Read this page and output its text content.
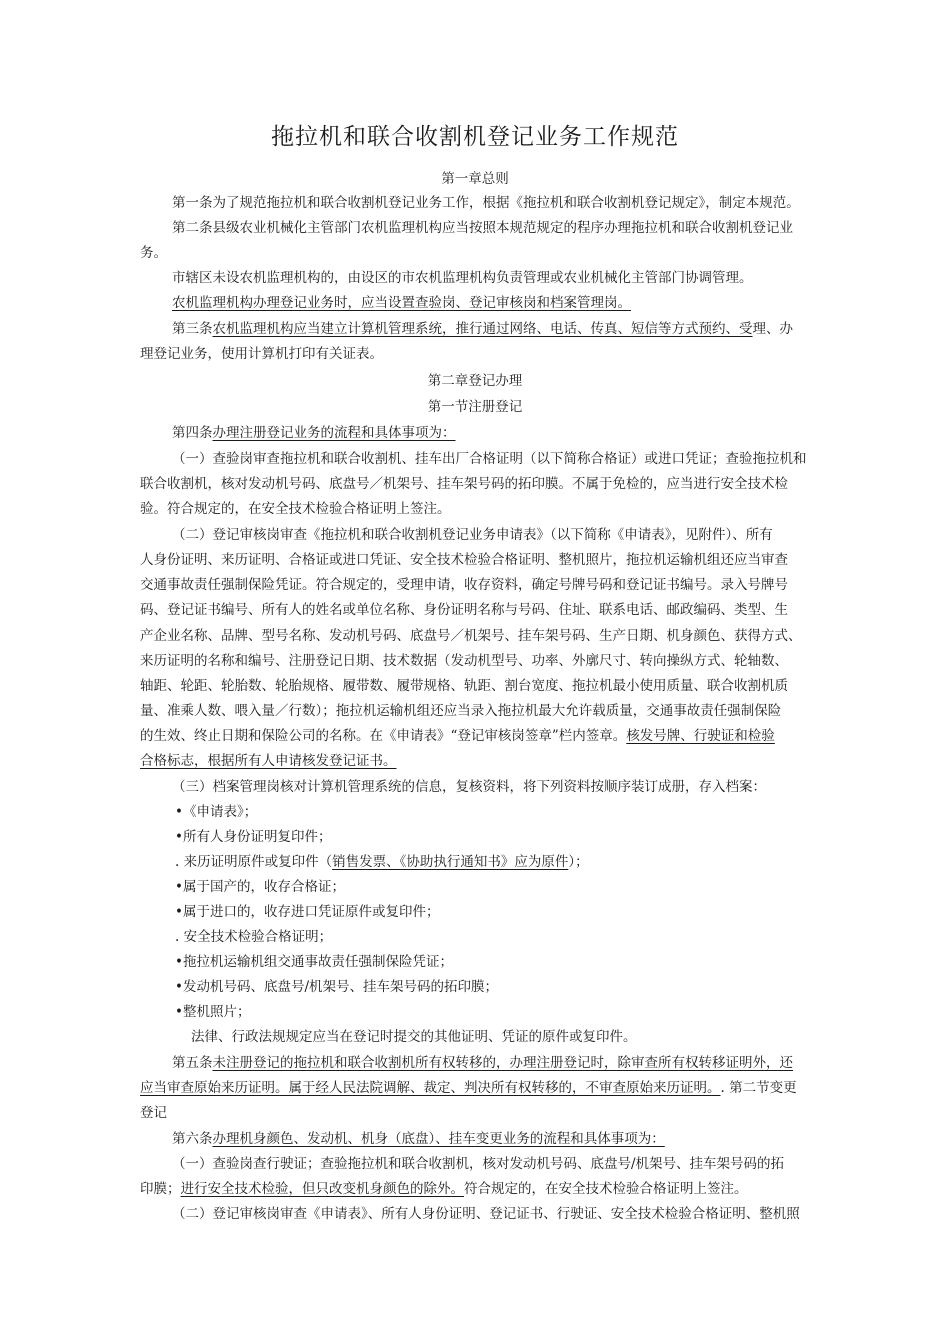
拖拉机和联合收割机登记业务工作规范
第一章总则
第一条为了规范拖拉机和联合收割机登记业务工作，根据《拖拉机和联合收割机登记规定》，制定本规范。
第二条县级农业机械化主管部门农机监理机构应当按照本规范规定的程序办理拖拉机和联合收割机登记业
务。
市辖区未设农机监理机构的，由设区的市农机监理机构负责管理或农业机械化主管部门协调管理。
农机监理机构办理登记业务时，应当设置查验岗、登记审核岗和档案管理岗。
第三条农机监理机构应当建立计算机管理系统，推行通过网络、电话、传真、短信等方式预约、受理、办
理登记业务，使用计算机打印有关证表。
第二章登记办理
第一节注册登记
第四条办理注册登记业务的流程和具体事项为：
（一）查验岗审查拖拉机和联合收割机、挂车出厂合格证明（以下简称合格证）或进口凭证；查验拖拉机和
联合收割机，核对发动机号码、底盘号／机架号、挂车架号码的拓印膜。不属于免检的，应当进行安全技术检
验。符合规定的，在安全技术检验合格证明上签注。
（二）登记审核岗审查《拖拉机和联合收割机登记业务申请表》（以下简称《申请表》，见附件）、所有
人身份证明、来历证明、合格证或进口凭证、安全技术检验合格证明、整机照片，拖拉机运输机组还应当审查
交通事故责任强制保险凭证。符合规定的，受理申请，收存资料，确定号牌号码和登记证书编号。录入号牌号
码、登记证书编号、所有人的姓名或单位名称、身份证明名称与号码、住址、联系电话、邮政编码、类型、生
产企业名称、品牌、型号名称、发动机号码、底盘号／机架号、挂车架号码、生产日期、机身颜色、获得方式、
来历证明的名称和编号、注册登记日期、技术数据（发动机型号、功率、外廓尺寸、转向操纵方式、轮轴数、
轴距、轮距、轮胎数、轮胎规格、履带数、履带规格、轨距、割台宽度、拖拉机最小使用质量、联合收割机质
量、准乘人数、喂入量／行数）；拖拉机运输机组还应当录入拖拉机最大允许载质量，交通事故责任强制保险
的生效、终止日期和保险公司的名称。在《申请表》“登记审核岗签章”栏内签章。核发号牌、行驶证和检验
合格标志，根据所有人申请核发登记证书。
（三）档案管理岗核对计算机管理系统的信息，复核资料，将下列资料按顺序装订成册，存入档案：
•《申请表》；
•所有人身份证明复印件；
. 来历证明原件或复印件（销售发票、《协助执行通知书》应为原件）；
•属于国产的，收存合格证；
•属于进口的，收存进口凭证原件或复印件；
. 安全技术检验合格证明；
•拖拉机运输机组交通事故责任强制保险凭证；
•发动机号码、底盘号/机架号、挂车架号码的拓印膜；
•整机照片；
法律、行政法规规定应当在登记时提交的其他证明、凭证的原件或复印件。
第五条未注册登记的拖拉机和联合收割机所有权转移的，办理注册登记时，除审查所有权转移证明外，还
应当审查原始来历证明。属于经人民法院调解、裁定、判决所有权转移的，不审查原始来历证明。. 第二节变更
登记
第六条办理机身颜色、发动机、机身（底盘）、挂车变更业务的流程和具体事项为：
（一）查验岗查行驶证；查验拖拉机和联合收割机，核对发动机号码、底盘号/机架号、挂车架号码的拓
印膜；进行安全技术检验，但只改变机身颜色的除外。符合规定的，在安全技术检验合格证明上签注。
（二）登记审核岗审查《申请表》、所有人身份证明、登记证书、行驶证、安全技术检验合格证明、整机照
